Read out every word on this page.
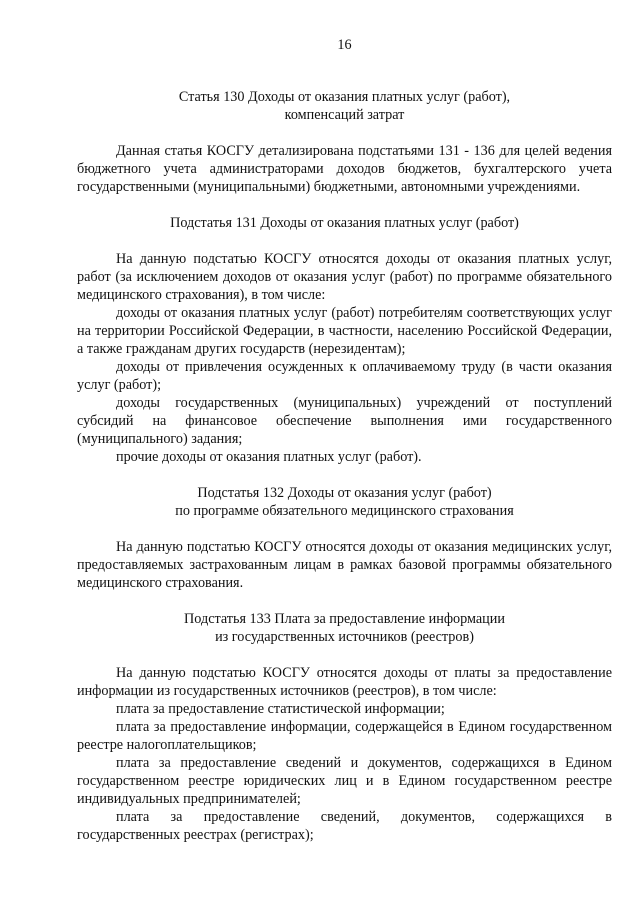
16
Статья 130 Доходы от оказания платных услуг (работ),
компенсаций затрат

Данная статья КОСГУ детализирована подстатьями 131 - 136 для целей ведения бюджетного учета администраторами доходов бюджетов, бухгалтерского учета государственными (муниципальными) бюджетными, автономными учреждениями.

Подстатья 131 Доходы от оказания платных услуг (работ)

На данную подстатью КОСГУ относятся доходы от оказания платных услуг, работ (за исключением доходов от оказания услуг (работ) по программе обязательного медицинского страхования), в том числе:

доходы от оказания платных услуг (работ) потребителям соответствующих услуг на территории Российской Федерации, в частности, населению Российской Федерации, а также гражданам других государств (нерезидентам);

доходы от привлечения осужденных к оплачиваемому труду (в части оказания услуг (работ);

доходы государственных (муниципальных) учреждений от поступлений субсидий на финансовое обеспечение выполнения ими государственного (муниципального) задания;

прочие доходы от оказания платных услуг (работ).

Подстатья 132 Доходы от оказания услуг (работ)
по программе обязательного медицинского страхования

На данную подстатью КОСГУ относятся доходы от оказания медицинских услуг, предоставляемых застрахованным лицам в рамках базовой программы обязательного медицинского страхования.

Подстатья 133 Плата за предоставление информации
из государственных источников (реестров)

На данную подстатью КОСГУ относятся доходы от платы за предоставление информации из государственных источников (реестров), в том числе:

плата за предоставление статистической информации;

плата за предоставление информации, содержащейся в Едином государственном реестре налогоплательщиков;

плата за предоставление сведений и документов, содержащихся в Едином государственном реестре юридических лиц и в Едином государственном реестре индивидуальных предпринимателей;

плата за предоставление сведений, документов, содержащихся в государственных реестрах (регистрах);
